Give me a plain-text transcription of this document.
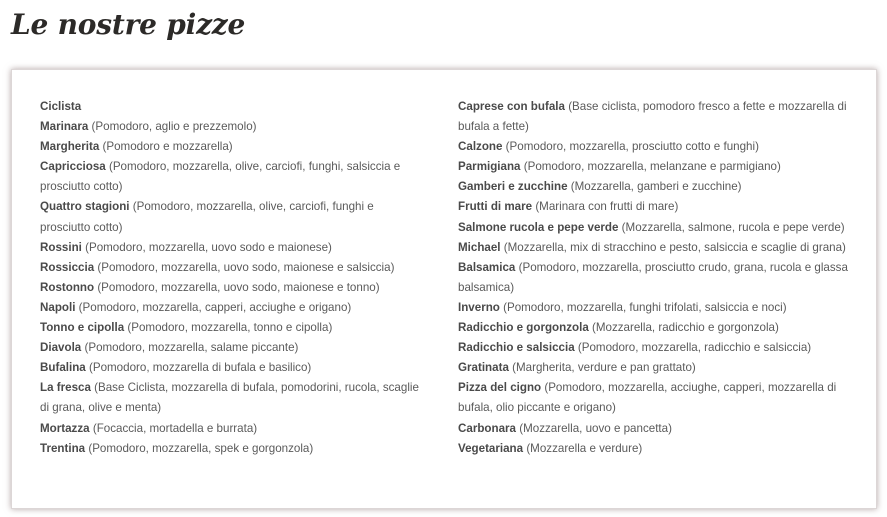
Le nostre pizze

Ciclista

Marinara (Pomodoro, aglio e prezzemolo)

Margherita (Pomodoro e mozzarella)

Capricciosa (Pomodoro, mozzarella, olive, carciofi, funghi, salsiccia e prosciutto cotto)

Quattro stagioni (Pomodoro, mozzarella, olive, carciofi, funghi e prosciutto cotto)

Rossini (Pomodoro, mozzarella, uovo sodo e maionese)

Rossiccia (Pomodoro, mozzarella, uovo sodo, maionese e salsiccia)

Rostonno (Pomodoro, mozzarella, uovo sodo, maionese e tonno)

Napoli (Pomodoro, mozzarella, capperi, acciughe e origano)

Tonno e cipolla (Pomodoro, mozzarella, tonno e cipolla)

Diavola (Pomodoro, mozzarella, salame piccante)

Bufalina (Pomodoro, mozzarella di bufala e basilico)

La fresca (Base Ciclista, mozzarella di bufala, pomodorini, rucola, scaglie di grana, olive e menta)

Mortazza (Focaccia, mortadella e burrata)

Trentina (Pomodoro, mozzarella, spek e gorgonzola)

Caprese con bufala (Base ciclista, pomodoro fresco a fette e mozzarella di bufala a fette)

Calzone (Pomodoro, mozzarella, prosciutto cotto e funghi)

Parmigiana (Pomodoro, mozzarella, melanzane e parmigiano)

Gamberi e zucchine (Mozzarella, gamberi e zucchine)

Frutti di mare (Marinara con frutti di mare)

Salmone rucola e pepe verde (Mozzarella, salmone, rucola e pepe verde)

Michael (Mozzarella, mix di stracchino e pesto, salsiccia e scaglie di grana)

Balsamica (Pomodoro, mozzarella, prosciutto crudo, grana, rucola e glassa balsamica)

Inverno (Pomodoro, mozzarella, funghi trifolati, salsiccia e noci)

Radicchio e gorgonzola (Mozzarella, radicchio e gorgonzola)

Radicchio e salsiccia (Pomodoro, mozzarella, radicchio e salsiccia)

Gratinata (Margherita, verdure e pan grattato)

Pizza del cigno (Pomodoro, mozzarella, acciughe, capperi, mozzarella di bufala, olio piccante e origano)

Carbonara (Mozzarella, uovo e pancetta)

Vegetariana (Mozzarella e verdure)
